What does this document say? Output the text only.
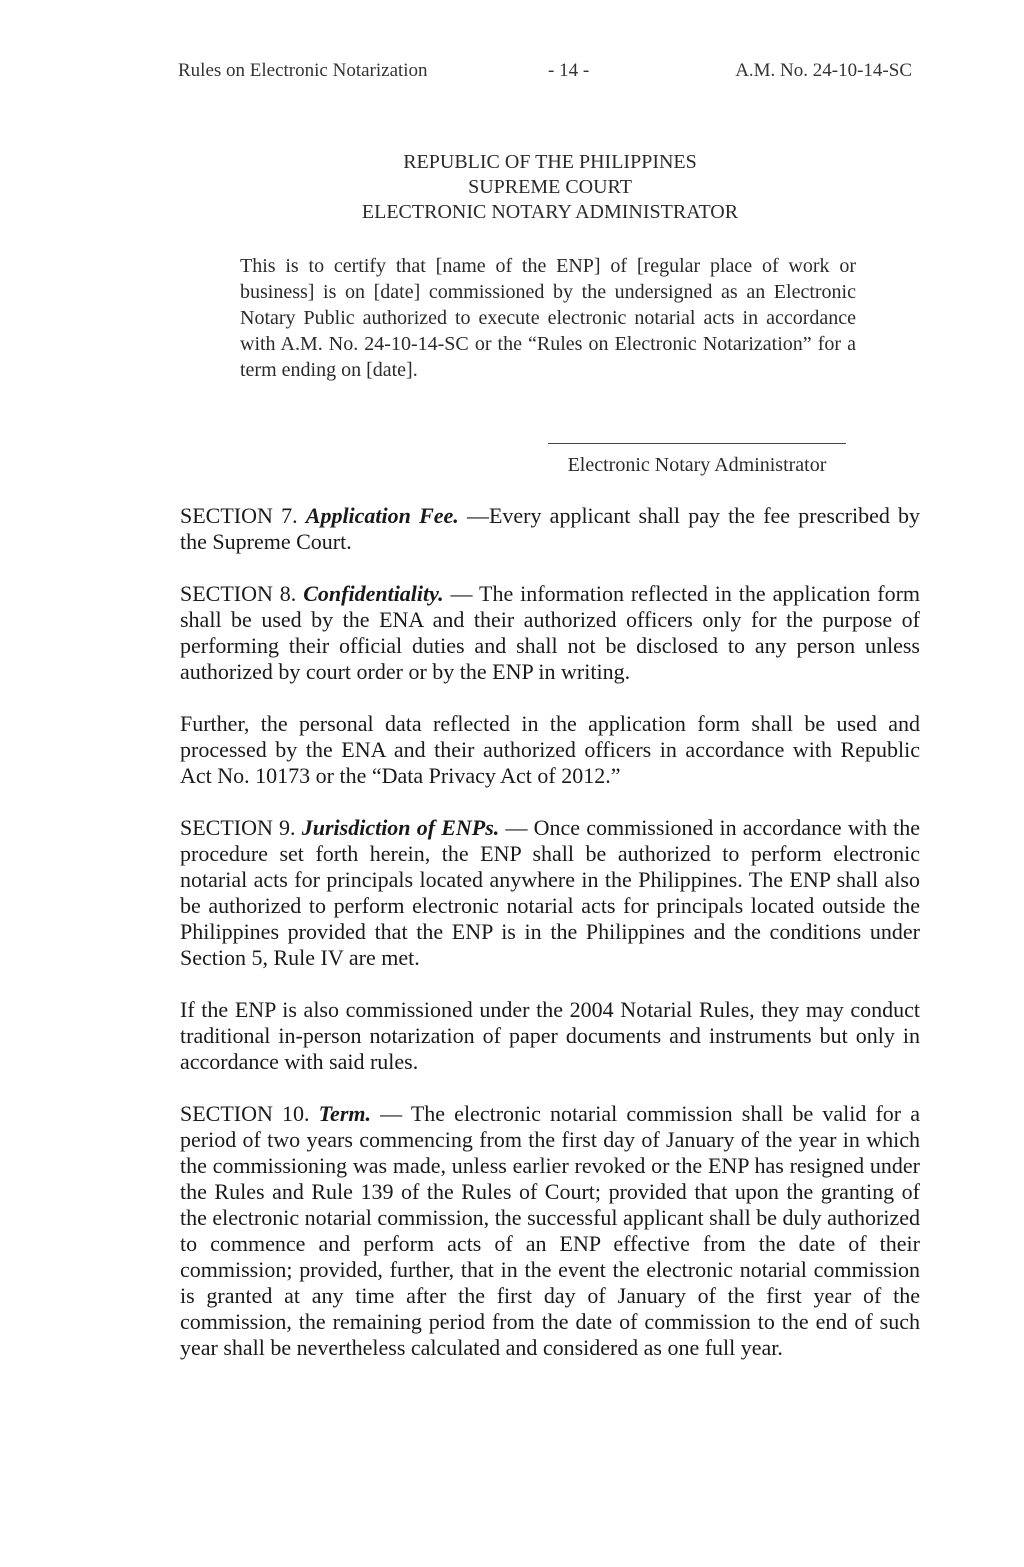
Rules on Electronic Notarization	- 14 -	A.M. No. 24-10-14-SC
REPUBLIC OF THE PHILIPPINES
SUPREME COURT
ELECTRONIC NOTARY ADMINISTRATOR
This is to certify that [name of the ENP] of [regular place of work or business] is on [date] commissioned by the undersigned as an Electronic Notary Public authorized to execute electronic notarial acts in accordance with A.M. No. 24-10-14-SC or the “Rules on Electronic Notarization” for a term ending on [date].
Electronic Notary Administrator
SECTION 7. Application Fee. —Every applicant shall pay the fee prescribed by the Supreme Court.
SECTION 8. Confidentiality. — The information reflected in the application form shall be used by the ENA and their authorized officers only for the purpose of performing their official duties and shall not be disclosed to any person unless authorized by court order or by the ENP in writing.
Further, the personal data reflected in the application form shall be used and processed by the ENA and their authorized officers in accordance with Republic Act No. 10173 or the “Data Privacy Act of 2012.”
SECTION 9. Jurisdiction of ENPs. — Once commissioned in accordance with the procedure set forth herein, the ENP shall be authorized to perform electronic notarial acts for principals located anywhere in the Philippines. The ENP shall also be authorized to perform electronic notarial acts for principals located outside the Philippines provided that the ENP is in the Philippines and the conditions under Section 5, Rule IV are met.
If the ENP is also commissioned under the 2004 Notarial Rules, they may conduct traditional in-person notarization of paper documents and instruments but only in accordance with said rules.
SECTION 10. Term. — The electronic notarial commission shall be valid for a period of two years commencing from the first day of January of the year in which the commissioning was made, unless earlier revoked or the ENP has resigned under the Rules and Rule 139 of the Rules of Court; provided that upon the granting of the electronic notarial commission, the successful applicant shall be duly authorized to commence and perform acts of an ENP effective from the date of their commission; provided, further, that in the event the electronic notarial commission is granted at any time after the first day of January of the first year of the commission, the remaining period from the date of commission to the end of such year shall be nevertheless calculated and considered as one full year.
